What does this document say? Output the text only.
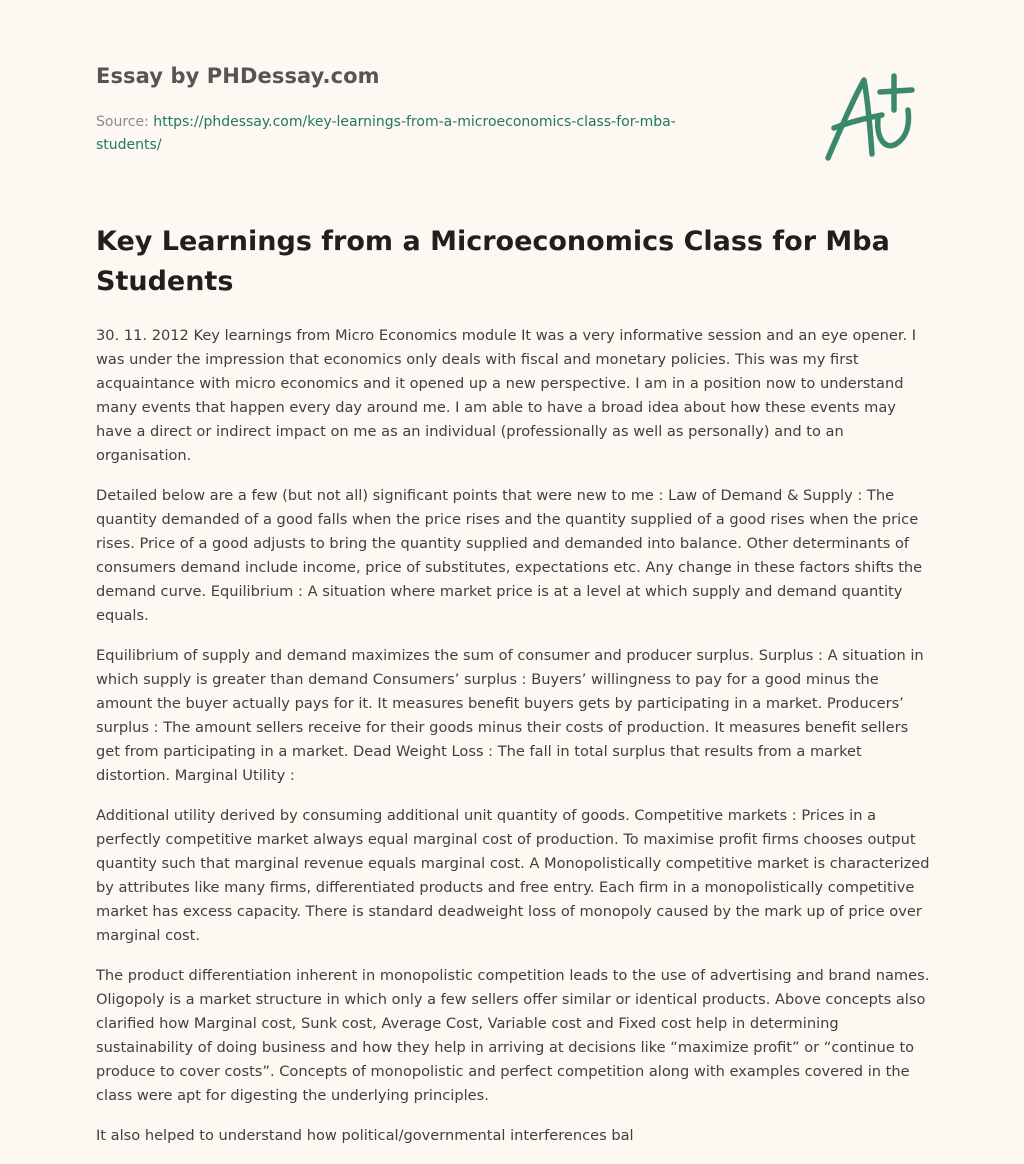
Essay by PHDessay.com
Source: https://phdessay.com/key-learnings-from-a-microeconomics-class-for-mba-students/
Key Learnings from a Microeconomics Class for Mba Students

30. 11. 2012 Key learnings from Micro Economics module It was a very informative session and an eye opener. I was under the impression that economics only deals with fiscal and monetary policies. This was my first acquaintance with micro economics and it opened up a new perspective. I am in a position now to understand many events that happen every day around me. I am able to have a broad idea about how these events may have a direct or indirect impact on me as an individual (professionally as well as personally) and to an organisation.

Detailed below are a few (but not all) significant points that were new to me : Law of Demand & Supply : The quantity demanded of a good falls when the price rises and the quantity supplied of a good rises when the price rises. Price of a good adjusts to bring the quantity supplied and demanded into balance. Other determinants of consumers demand include income, price of substitutes, expectations etc. Any change in these factors shifts the demand curve. Equilibrium : A situation where market price is at a level at which supply and demand quantity equals.

Equilibrium of supply and demand maximizes the sum of consumer and producer surplus. Surplus : A situation in which supply is greater than demand Consumers’ surplus : Buyers’ willingness to pay for a good minus the amount the buyer actually pays for it. It measures benefit buyers gets by participating in a market. Producers’ surplus : The amount sellers receive for their goods minus their costs of production. It measures benefit sellers get from participating in a market. Dead Weight Loss : The fall in total surplus that results from a market distortion. Marginal Utility :

Additional utility derived by consuming additional unit quantity of goods. Competitive markets : Prices in a perfectly competitive market always equal marginal cost of production. To maximise profit firms chooses output quantity such that marginal revenue equals marginal cost. A Monopolistically competitive market is characterized by attributes like many firms, differentiated products and free entry. Each firm in a monopolistically competitive market has excess capacity. There is standard deadweight loss of monopoly caused by the mark up of price over marginal cost.

The product differentiation inherent in monopolistic competition leads to the use of advertising and brand names. Oligopoly is a market structure in which only a few sellers offer similar or identical products. Above concepts also clarified how Marginal cost, Sunk cost, Average Cost, Variable cost and Fixed cost help in determining sustainability of doing business and how they help in arriving at decisions like “maximize profit” or “continue to produce to cover costs”. Concepts of monopolistic and perfect competition along with examples covered in the class were apt for digesting the underlying principles.

It also helped to understand how political/governmental interferences bal
